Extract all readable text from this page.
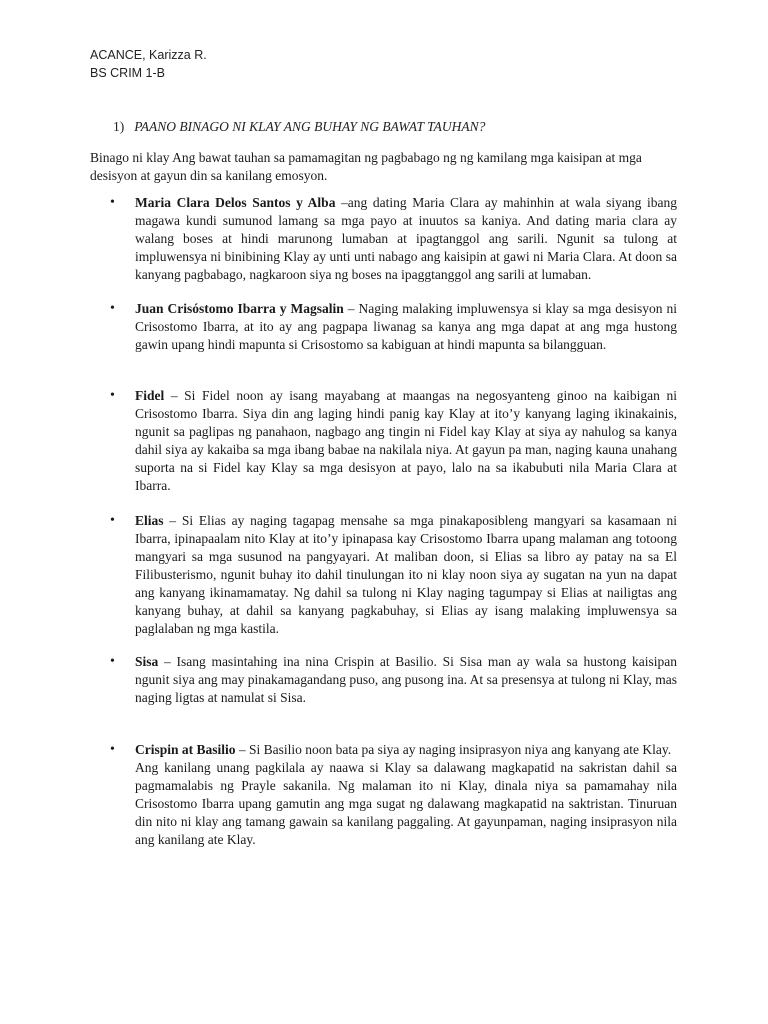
ACANCE, Karizza R.
BS CRIM 1-B
1) PAANO BINAGO NI KLAY ANG BUHAY NG BAWAT TAUHAN?
Binago ni klay Ang bawat tauhan sa pamamagitan ng pagbabago ng ng kamilang mga kaisipan at mga desisyon at gayun din sa kanilang emosyon.
• Maria Clara Delos Santos y Alba –ang dating Maria Clara ay mahinhin at wala siyang ibang magawa kundi sumunod lamang sa mga payo at inuutos sa kaniya. And dating maria clara ay walang boses at hindi marunong lumaban at ipagtanggol ang sarili. Ngunit sa tulong at impluwensya ni binibining Klay ay unti unti nabago ang kaisipin at gawi ni Maria Clara. At doon sa kanyang pagbabago, nagkaroon siya ng boses na ipaggtanggol ang sarili at lumaban.
• Juan Crisóstomo Ibarra y Magsalin – Naging malaking impluwensya si klay sa mga desisyon ni Crisostomo Ibarra, at ito ay ang pagpapa liwanag sa kanya ang mga dapat at ang mga hustong gawin upang hindi mapunta si Crisostomo sa kabiguan at hindi mapunta sa bilangguan.
• Fidel – Si Fidel noon ay isang mayabang at maangas na negosyanteng ginoo na kaibigan ni Crisostomo Ibarra. Siya din ang laging hindi panig kay Klay at ito’y kanyang laging ikinakainis, ngunit sa paglipas ng panahaon, nagbago ang tingin ni Fidel kay Klay at siya ay nahulog sa kanya dahil siya ay kakaiba sa mga ibang babae na nakilala niya. At gayun pa man, naging kauna unahang suporta na si Fidel kay Klay sa mga desisyon at payo, lalo na sa ikabubuti nila Maria Clara at Ibarra.
• Elias – Si Elias ay naging tagapag mensahe sa mga pinakaposibleng mangyari sa kasamaan ni Ibarra, ipinapaalam nito Klay at ito’y ipinapasa kay Crisostomo Ibarra upang malaman ang totoong mangyari sa mga susunod na pangyayari. At maliban doon, si Elias sa libro ay patay na sa El Filibusterismo, ngunit buhay ito dahil tinulungan ito ni klay noon siya ay sugatan na yun na dapat ang kanyang ikinamamatay. Ng dahil sa tulong ni Klay naging tagumpay si Elias at nailigtas ang kanyang buhay, at dahil sa kanyang pagkabuhay, si Elias ay isang malaking impluwensya sa paglalaban ng mga kastila.
• Sisa – Isang masintahing ina nina Crispin at Basilio. Si Sisa man ay wala sa hustong kaisipan ngunit siya ang may pinakamagandang puso, ang pusong ina. At sa presensya at tulong ni Klay, mas naging ligtas at namulat si Sisa.
• Crispin at Basilio – Si Basilio noon bata pa siya ay naging insiprasyon niya ang kanyang ate Klay.
Ang kanilang unang pagkilala ay naawa si Klay sa dalawang magkapatid na sakristan dahil sa pagmamalabis ng Prayle sakanila. Ng malaman ito ni Klay, dinala niya sa pamamahay nila Crisostomo Ibarra upang gamutin ang mga sugat ng dalawang magkapatid na saktristan. Tinuruan din nito ni klay ang tamang gawain sa kanilang paggaling. At gayunpaman, naging insiprasyon nila ang kanilang ate Klay.
